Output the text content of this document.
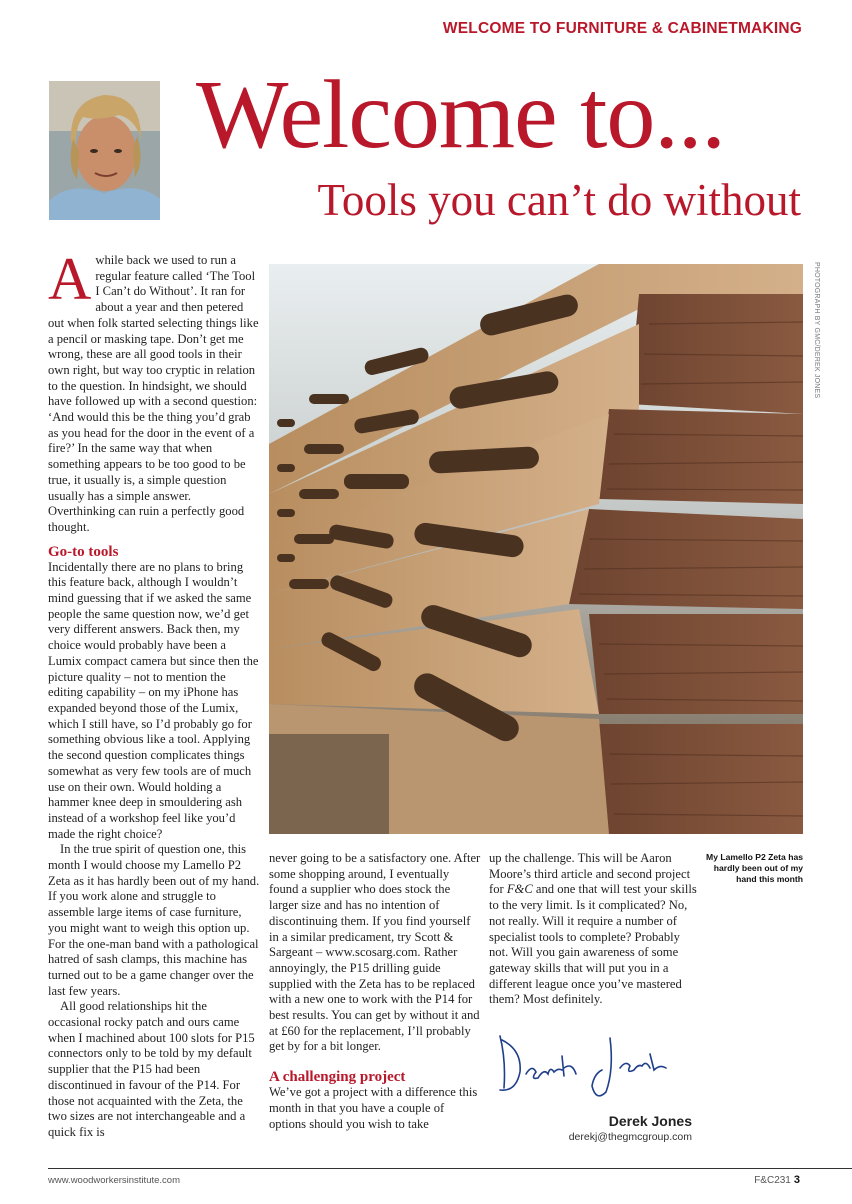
WELCOME TO FURNITURE & CABINETMAKING
Welcome to...
Tools you can’t do without

Awhile back we used to run a regular feature called ‘The Tool I Can’t do Without’. It ran for about a year and then petered out when folk started selecting things like a pencil or masking tape. Don’t get me wrong, these are all good tools in their own right, but way too cryptic in relation to the question. In hindsight, we should have followed up with a second question: ‘And would this be the thing you’d grab as you head for the door in the event of a fire?’ In the same way that when something appears to be too good to be true, it usually is, a simple question usually has a simple answer. Overthinking can ruin a perfectly good thought.

Go-to tools

Incidentally there are no plans to bring this feature back, although I wouldn’t mind guessing that if we asked the same people the same question now, we’d get very different answers. Back then, my choice would probably have been a Lumix compact camera but since then the picture quality – not to mention the editing capability – on my iPhone has expanded beyond those of the Lumix, which I still have, so I’d probably go for something obvious like a tool. Applying the second question complicates things somewhat as very few tools are of much use on their own. Would holding a hammer knee deep in smouldering ash instead of a workshop feel like you’d made the right choice?

In the true spirit of question one, this month I would choose my Lamello P2 Zeta as it has hardly been out of my hand. If you work alone and struggle to assemble large items of case furniture, you might want to weigh this option up. For the one-man band with a pathological hatred of sash clamps, this machine has turned out to be a game changer over the last few years.

All good relationships hit the occasional rocky patch and ours came when I machined about 100 slots for P15 connectors only to be told by my default supplier that the P15 had been discontinued in favour of the P14. For those not acquainted with the Zeta, the two sizes are not interchangeable and a quick fix is

PHOTOGRAPH BY GMC/DEREK JONES

never going to be a satisfactory one. After some shopping around, I eventually found a supplier who does stock the larger size and has no intention of discontinuing them. If you find yourself in a similar predicament, try Scott & Sargeant – www.scosarg.com. Rather annoyingly, the P15 drilling guide supplied with the Zeta has to be replaced with a new one to work with the P14 for best results. You can get by without it and at £60 for the replacement, I’ll probably get by for a bit longer.

A challenging project

We’ve got a project with a difference this month in that you have a couple of options should you wish to take

up the challenge. This will be Aaron Moore’s third article and second project for F&C and one that will test your skills to the very limit. Is it complicated? No, not really. Will it require a number of specialist tools to complete? Probably not. Will you gain awareness of some gateway skills that will put you in a different league once you’ve mastered them? Most definitely.

My Lamello P2 Zeta has hardly been out of my hand this month
Derek Jones
derekj@thegmcgroup.com
www.woodworkersinstitute.com	F&C231 3
